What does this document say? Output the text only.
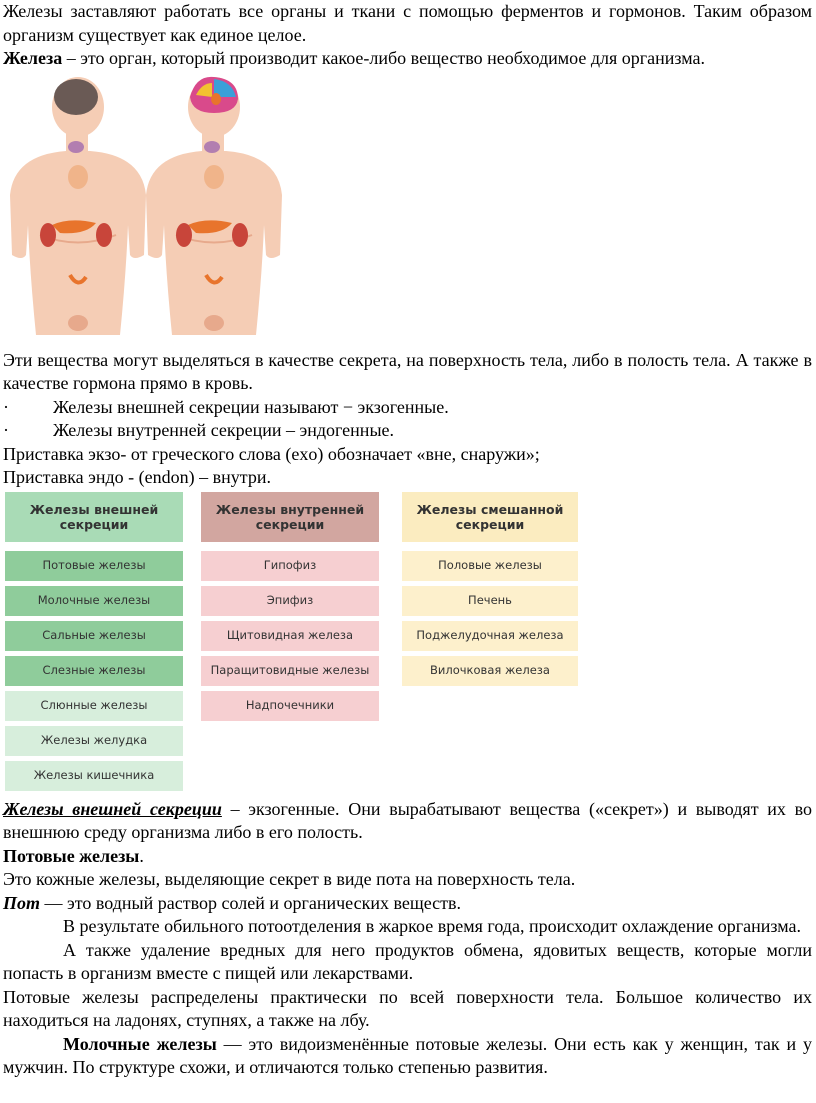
Железы заставляют работать все органы и ткани с помощью ферментов и гормонов. Таким образом организм существует как единое целое.

Железа – это орган, который производит какое-либо вещество необходимое для организма.

Эти вещества могут выделяться в качестве секрета, на поверхность тела, либо в полость тела. А также в качестве гормона прямо в кровь.

·	Железы внешней секреции называют − экзогенные.
·	Железы внутренней секреции – эндогенные.

Приставка экзо- от греческого слова (exo) обозначает «вне, снаружи»;

Приставка эндо - (endon) – внутри.

Железы внешней секреции
Потовые железы
Молочные железы
Сальные железы
Слезные железы
Слюнные железы
Железы желудка
Железы кишечника
Железы внутренней секреции
Гипофиз
Эпифиз
Щитовидная железа
Паращитовидные железы
Надпочечники
Железы смешанной секреции
Половые железы
Печень
Поджелудочная железа
Вилочковая железа

Железы внешней секреции – экзогенные. Они вырабатывают вещества («секрет») и выводят их во внешнюю среду организма либо в его полость.

Потовые железы.

Это кожные железы, выделяющие секрет в виде пота на поверхность тела.

Пот — это водный раствор солей и органических веществ.

В результате обильного потоотделения в жаркое время года, происходит охлаждение организма.

А также удаление вредных для него продуктов обмена, ядовитых веществ, которые могли попасть в организм вместе с пищей или лекарствами.

Потовые железы распределены практически по всей поверхности тела. Большое количество их находиться на ладонях, ступнях, а также на лбу.

Молочные железы — это видоизменённые потовые железы. Они есть как у женщин, так и у мужчин. По структуре схожи, и отличаются только степенью развития.
